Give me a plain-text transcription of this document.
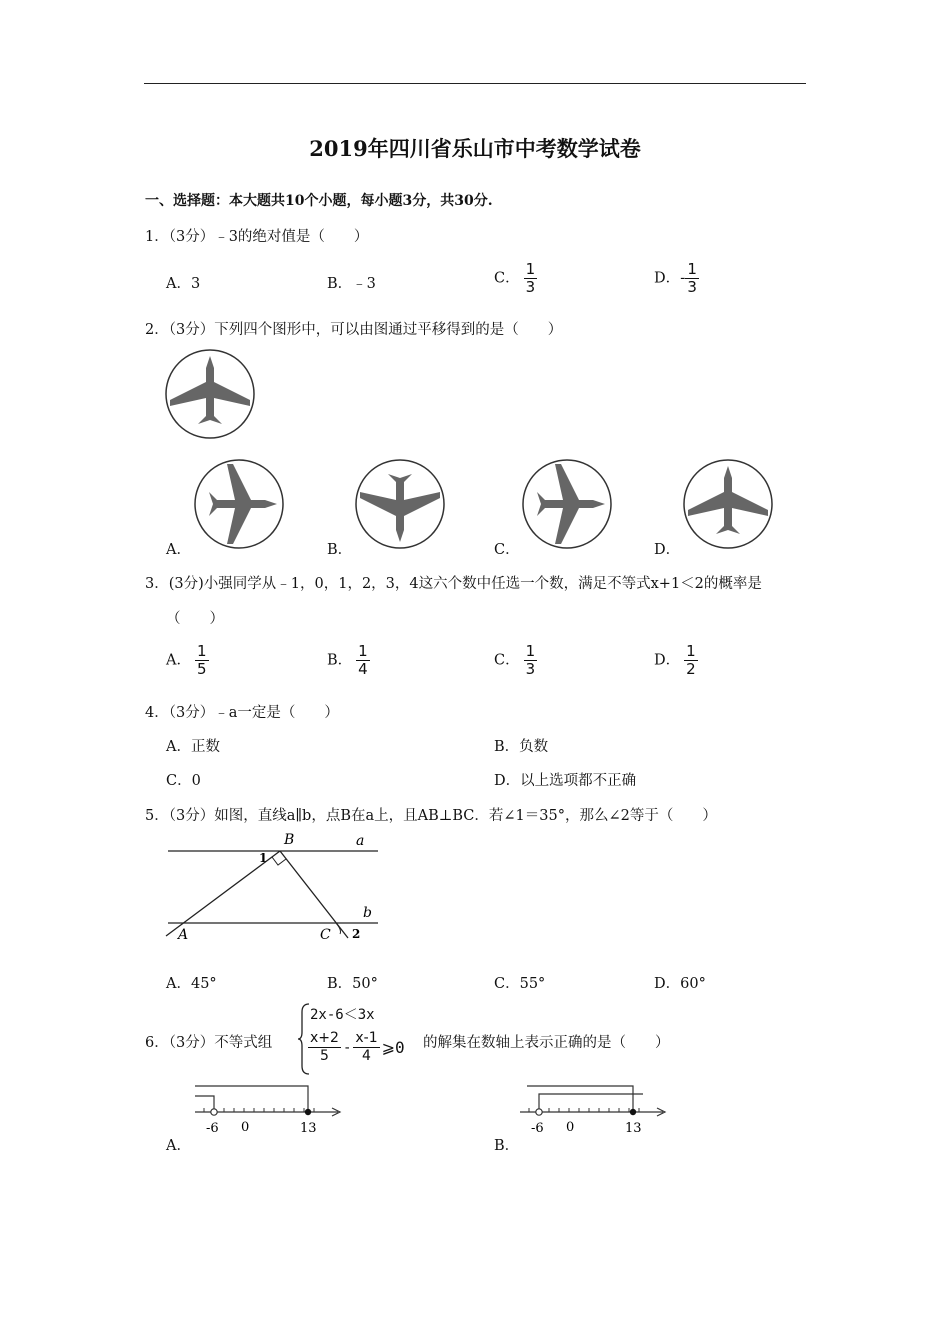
2019年四川省乐山市中考数学试卷
一、选择题：本大题共10个小题，每小题3分，共30分.
1．（3分）﹣3的绝对值是（　　）
A．3	B．﹣3	C． $\frac{1}{3}$	D．- $\frac{1}{3}$
2．（3分）下列四个图形中，可以由图通过平移得到的是（　　）
A．	B．	C．	D．
3．(3分)小强同学从﹣1，0，1，2，3，4这六个数中任选一个数，满足不等式x+1＜2的概率是
（　　）
A． $\frac{1}{5}$	B． $\frac{1}{4}$	C． $\frac{1}{3}$	D． $\frac{1}{2}$
4．（3分）﹣a一定是（　　）
A．正数	B．负数
C．0	D．以上选项都不正确
5．（3分）如图，直线a∥b，点B在a上，且AB⊥BC．若∠1＝35°，那么∠2等于（　　）
B	a
1
b
A	C 2
A．45°	B．50°	C．55°	D．60°
6．（3分）不等式组
2x-6＜3x
$\frac{x+2}{5} - \frac{x-1}{4}$ ⩾0 的解集在数轴上表示正确的是（　　）
-6 0	13
A．
-6 0	13
B．
